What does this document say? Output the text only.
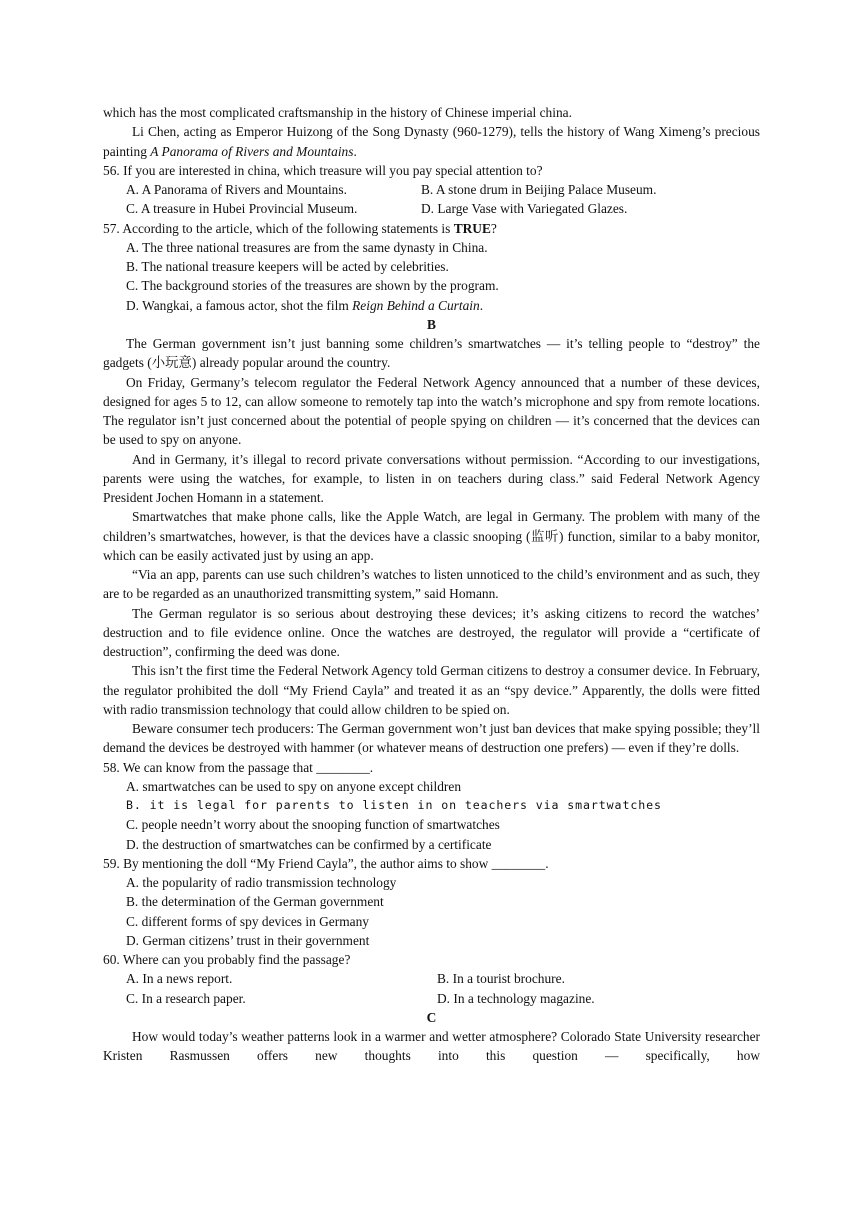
which has the most complicated craftsmanship in the history of Chinese imperial china.

Li Chen, acting as Emperor Huizong of the Song Dynasty (960-1279), tells the history of Wang Ximeng’s precious painting A Panorama of Rivers and Mountains.

56. If you are interested in china, which treasure will you pay special attention to?

A. A Panorama of Rivers and Mountains.	B. A stone drum in Beijing Palace Museum.
C. A treasure in Hubei Provincial Museum.	D. Large Vase with Variegated Glazes.

57. According to the article, which of the following statements is TRUE?

A. The three national treasures are from the same dynasty in China.

B. The national treasure keepers will be acted by celebrities.

C. The background stories of the treasures are shown by the program.

D. Wangkai, a famous actor, shot the film Reign Behind a Curtain.

B

The German government isn’t just banning some children’s smartwatches — it’s telling people to “destroy” the gadgets (小玩意) already popular around the country.

On Friday, Germany’s telecom regulator the Federal Network Agency announced that a number of these devices, designed for ages 5 to 12, can allow someone to remotely tap into the watch’s microphone and spy from remote locations. The regulator isn’t just concerned about the potential of people spying on children — it’s concerned that the devices can be used to spy on anyone.

And in Germany, it’s illegal to record private conversations without permission. “According to our investigations, parents were using the watches, for example, to listen in on teachers during class.” said Federal Network Agency President Jochen Homann in a statement.

Smartwatches that make phone calls, like the Apple Watch, are legal in Germany. The problem with many of the children’s smartwatches, however, is that the devices have a classic snooping (监听) function, similar to a baby monitor, which can be easily activated just by using an app.

“Via an app, parents can use such children’s watches to listen unnoticed to the child’s environment and as such, they are to be regarded as an unauthorized transmitting system,” said Homann.

The German regulator is so serious about destroying these devices; it’s asking citizens to record the watches’ destruction and to file evidence online. Once the watches are destroyed, the regulator will provide a “certificate of destruction”, confirming the deed was done.

This isn’t the first time the Federal Network Agency told German citizens to destroy a consumer device. In February, the regulator prohibited the doll “My Friend Cayla” and treated it as an “spy device.” Apparently, the dolls were fitted with radio transmission technology that could allow children to be spied on.

Beware consumer tech producers: The German government won’t just ban devices that make spying possible; they’ll demand the devices be destroyed with hammer (or whatever means of destruction one prefers) — even if they’re dolls.

58. We can know from the passage that ________.

A. smartwatches can be used to spy on anyone except children

B. it is legal for parents to listen in on teachers via smartwatches

C. people needn’t worry about the snooping function of smartwatches

D. the destruction of smartwatches can be confirmed by a certificate

59. By mentioning the doll “My Friend Cayla”, the author aims to show ________.

A. the popularity of radio transmission technology

B. the determination of the German government

C. different forms of spy devices in Germany

D. German citizens’ trust in their government

60. Where can you probably find the passage?

A. In a news report.	B. In a tourist brochure.
C. In a research paper.	D. In a technology magazine.

C

How would today’s weather patterns look in a warmer and wetter atmosphere? Colorado State University researcher Kristen Rasmussen offers new thoughts into this question — specifically, how
